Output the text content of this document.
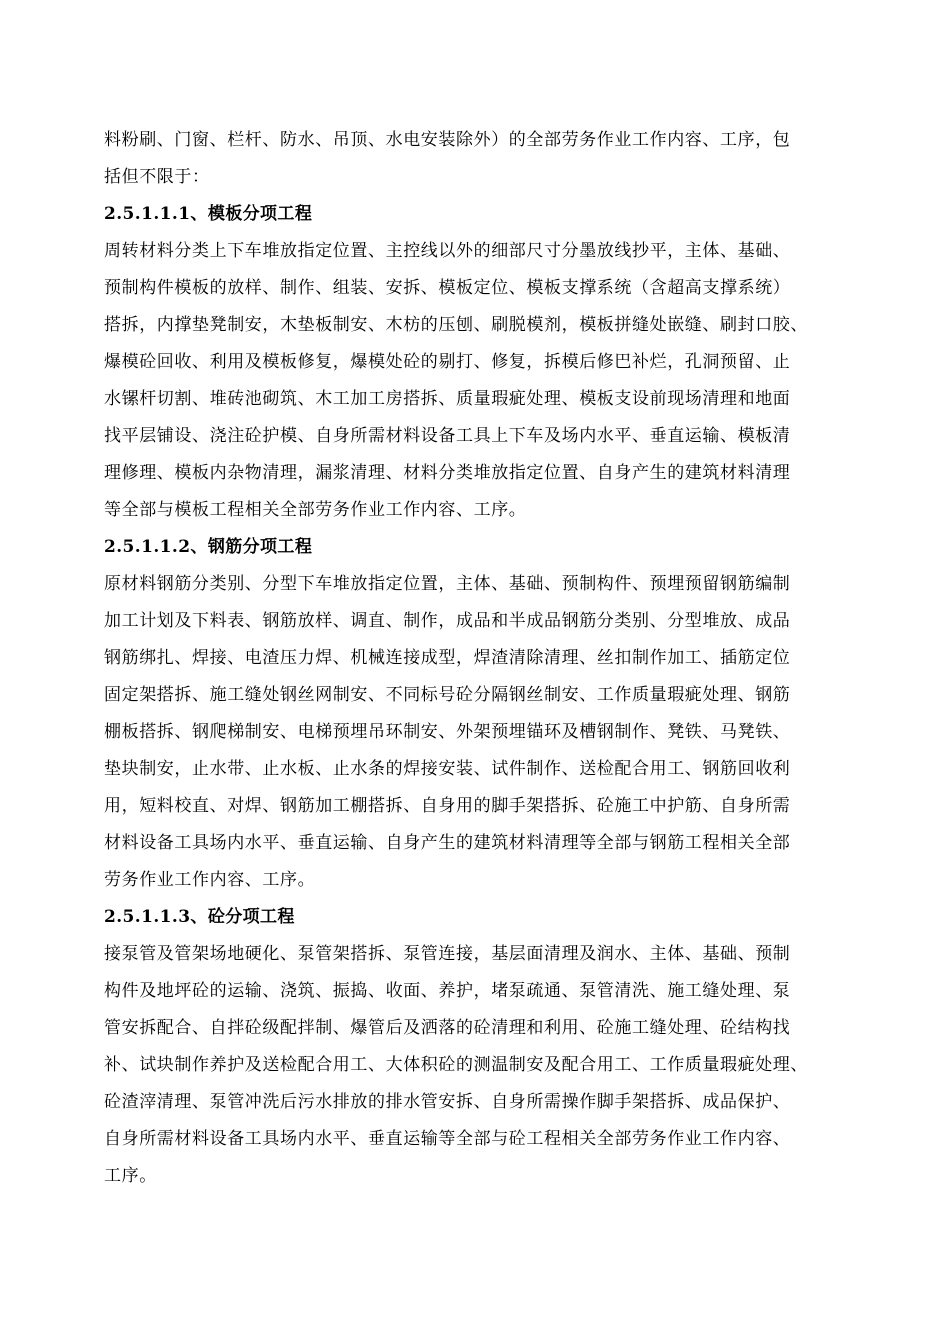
料粉刷、门窗、栏杆、防水、吊顶、水电安装除外）的全部劳务作业工作内容、工序，包
括但不限于：
2.5.1.1.1、模板分项工程
周转材料分类上下车堆放指定位置、主控线以外的细部尺寸分墨放线抄平，主体、基础、
预制构件模板的放样、制作、组装、安拆、模板定位、模板支撑系统（含超高支撑系统）
搭拆，内撑垫凳制安，木垫板制安、木枋的压刨、刷脱模剂，模板拼缝处嵌缝、刷封口胶、
爆模砼回收、利用及模板修复，爆模处砼的剔打、修复，拆模后修巴补烂，孔洞预留、止
水镙杆切割、堆砖池砌筑、木工加工房搭拆、质量瑕疵处理、模板支设前现场清理和地面
找平层铺设、浇注砼护模、自身所需材料设备工具上下车及场内水平、垂直运输、模板清
理修理、模板内杂物清理，漏浆清理、材料分类堆放指定位置、自身产生的建筑材料清理
等全部与模板工程相关全部劳务作业工作内容、工序。
2.5.1.1.2、钢筋分项工程
原材料钢筋分类别、分型下车堆放指定位置，主体、基础、预制构件、预埋预留钢筋编制
加工计划及下料表、钢筋放样、调直、制作，成品和半成品钢筋分类别、分型堆放、成品
钢筋绑扎、焊接、电渣压力焊、机械连接成型，焊渣清除清理、丝扣制作加工、插筋定位
固定架搭拆、施工缝处钢丝网制安、不同标号砼分隔钢丝制安、工作质量瑕疵处理、钢筋
棚板搭拆、钢爬梯制安、电梯预埋吊环制安、外架预埋锚环及槽钢制作、凳铁、马凳铁、
垫块制安，止水带、止水板、止水条的焊接安装、试件制作、送检配合用工、钢筋回收利
用，短料校直、对焊、钢筋加工棚搭拆、自身用的脚手架搭拆、砼施工中护筋、自身所需
材料设备工具场内水平、垂直运输、自身产生的建筑材料清理等全部与钢筋工程相关全部
劳务作业工作内容、工序。
2.5.1.1.3、砼分项工程
接泵管及管架场地硬化、泵管架搭拆、泵管连接，基层面清理及润水、主体、基础、预制
构件及地坪砼的运输、浇筑、振捣、收面、养护，堵泵疏通、泵管清洗、施工缝处理、泵
管安拆配合、自拌砼级配拌制、爆管后及洒落的砼清理和利用、砼施工缝处理、砼结构找
补、试块制作养护及送检配合用工、大体积砼的测温制安及配合用工、工作质量瑕疵处理、
砼渣滓清理、泵管冲洗后污水排放的排水管安拆、自身所需操作脚手架搭拆、成品保护、
自身所需材料设备工具场内水平、垂直运输等全部与砼工程相关全部劳务作业工作内容、
工序。
